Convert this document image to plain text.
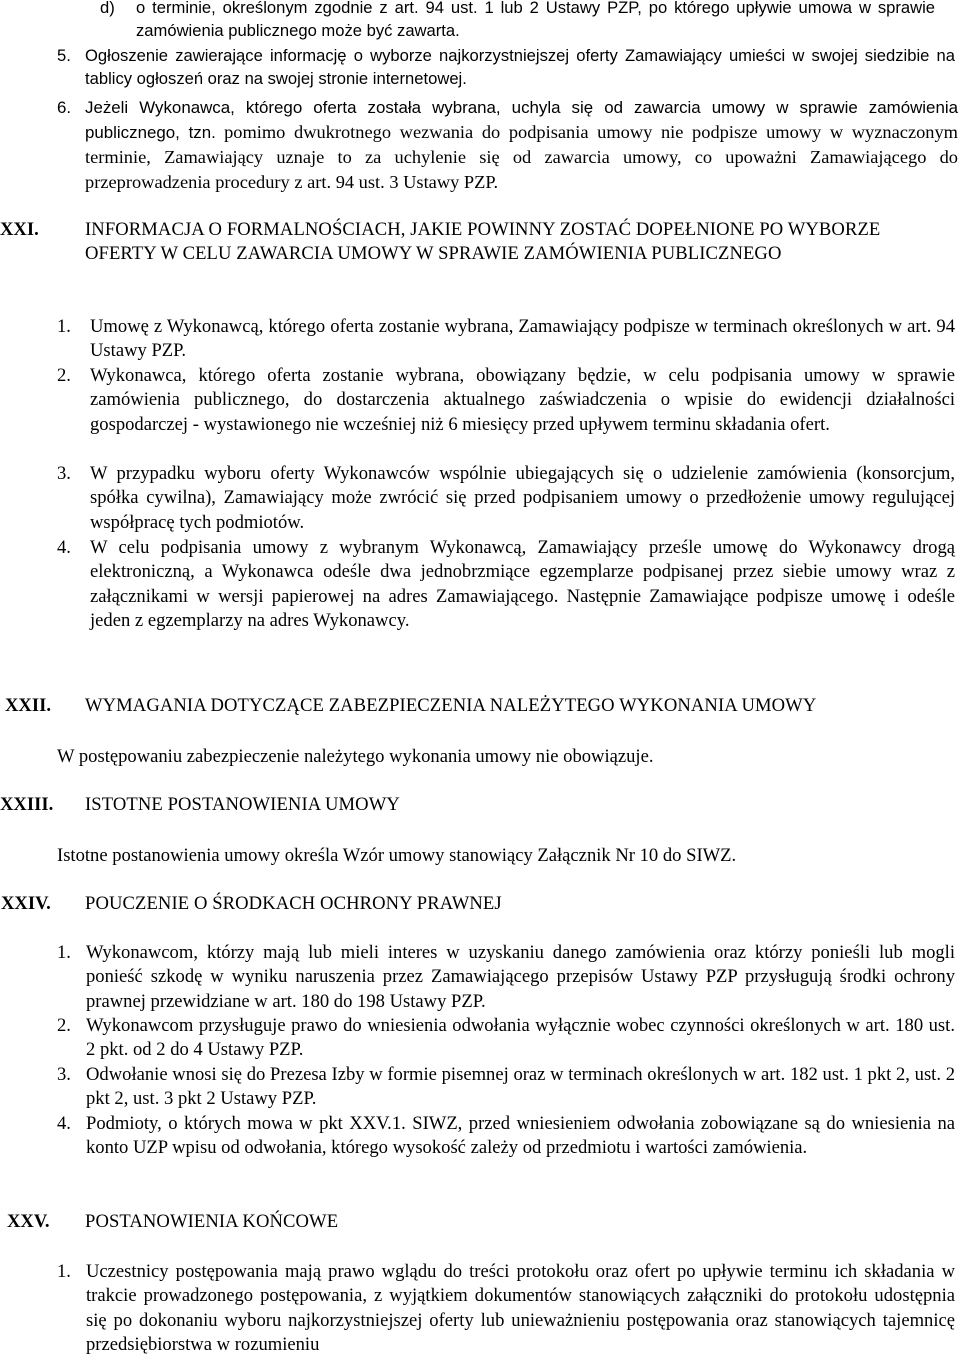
d) o terminie, określonym zgodnie z art. 94 ust. 1 lub 2 Ustawy PZP, po którego upływie umowa w sprawie zamówienia publicznego może być zawarta.
5. Ogłoszenie zawierające informację o wyborze najkorzystniejszej oferty Zamawiający umieści w swojej siedzibie na tablicy ogłoszeń oraz na swojej stronie internetowej.
6. Jeżeli Wykonawca, którego oferta została wybrana, uchyla się od zawarcia umowy w sprawie zamówienia publicznego, tzn. pomimo dwukrotnego wezwania do podpisania umowy nie podpisze umowy w wyznaczonym terminie, Zamawiający uznaje to za uchylenie się od zawarcia umowy, co upoważni Zamawiającego do przeprowadzenia procedury z art. 94 ust. 3 Ustawy PZP.
XXI. INFORMACJA O FORMALNOŚCIACH, JAKIE POWINNY ZOSTAĆ DOPEŁNIONE PO WYBORZE OFERTY W CELU ZAWARCIA UMOWY W SPRAWIE ZAMÓWIENIA PUBLICZNEGO
1. Umowę z Wykonawcą, którego oferta zostanie wybrana, Zamawiający podpisze w terminach określonych w art. 94 Ustawy PZP.
2. Wykonawca, którego oferta zostanie wybrana, obowiązany będzie, w celu podpisania umowy w sprawie zamówienia publicznego, do dostarczenia aktualnego zaświadczenia o wpisie do ewidencji działalności gospodarczej - wystawionego nie wcześniej niż 6 miesięcy przed upływem terminu składania ofert.
3. W przypadku wyboru oferty Wykonawców wspólnie ubiegających się o udzielenie zamówienia (konsorcjum, spółka cywilna), Zamawiający może zwrócić się przed podpisaniem umowy o przedłożenie umowy regulującej współpracę tych podmiotów.
4. W celu podpisania umowy z wybranym Wykonawcą, Zamawiający prześle umowę do Wykonawcy drogą elektroniczną, a Wykonawca odeśle dwa jednobrzmiące egzemplarze podpisanej przez siebie umowy wraz z załącznikami w wersji papierowej na adres Zamawiającego. Następnie Zamawiające podpisze umowę i odeśle jeden z egzemplarzy na adres Wykonawcy.
XXII. WYMAGANIA DOTYCZĄCE ZABEZPIECZENIA NALEŻYTEGO WYKONANIA UMOWY
W postępowaniu zabezpieczenie należytego wykonania umowy nie obowiązuje.
XXIII. ISTOTNE POSTANOWIENIA UMOWY
Istotne postanowienia umowy określa Wzór umowy stanowiący Załącznik Nr 10 do SIWZ.
XXIV. POUCZENIE O ŚRODKACH OCHRONY PRAWNEJ
1. Wykonawcom, którzy mają lub mieli interes w uzyskaniu danego zamówienia oraz którzy ponieśli lub mogli ponieść szkodę w wyniku naruszenia przez Zamawiającego przepisów Ustawy PZP przysługują środki ochrony prawnej przewidziane w art. 180 do 198 Ustawy PZP.
2. Wykonawcom przysługuje prawo do wniesienia odwołania wyłącznie wobec czynności określonych w art. 180 ust. 2 pkt. od 2 do 4 Ustawy PZP.
3. Odwołanie wnosi się do Prezesa Izby w formie pisemnej oraz w terminach określonych w art. 182 ust. 1 pkt 2, ust. 2 pkt 2, ust. 3 pkt 2 Ustawy PZP.
4. Podmioty, o których mowa w pkt XXV.1. SIWZ, przed wniesieniem odwołania zobowiązane są do wniesienia na konto UZP wpisu od odwołania, którego wysokość zależy od przedmiotu i wartości zamówienia.
XXV. POSTANOWIENIA KOŃCOWE
1. Uczestnicy postępowania mają prawo wglądu do treści protokołu oraz ofert po upływie terminu ich składania w trakcie prowadzonego postępowania, z wyjątkiem dokumentów stanowiących załączniki do protokołu udostępnia się po dokonaniu wyboru najkorzystniejszej oferty lub unieważnieniu postępowania oraz stanowiących tajemnicę przedsiębiorstwa w rozumieniu
